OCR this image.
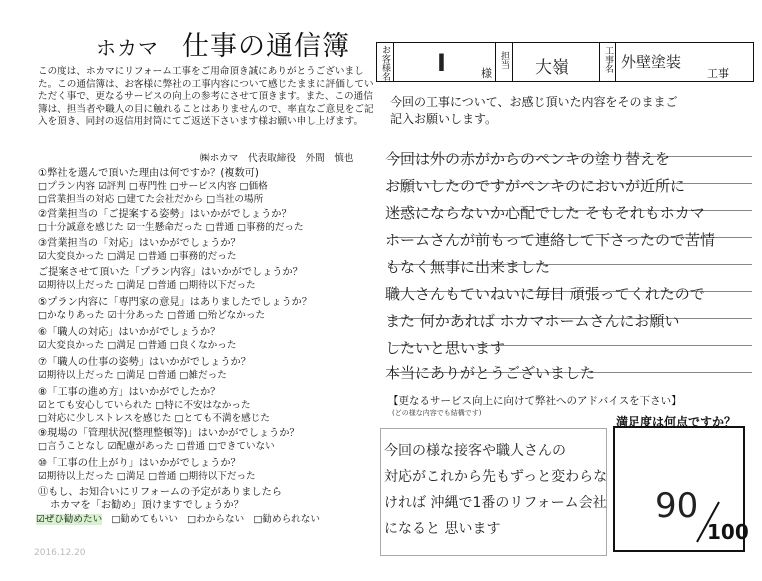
ホカマ 仕事の通信簿
この度は、ホカマにリフォーム工事をご用命頂き誠にありがとうございました。この通信簿は、お客様に弊社の工事内容について感じたままに評価していただく事で、更なるサービスの向上の参考にさせて頂きます。また、この通信簿は、担当者や職人の目に触れることはありませんので、率直なご意見をご記入を頂き、同封の返信用封筒にてご返送下さいます様お願い申し上げます。
㈱ホカマ　代表取締役　外間　慎也
①弊社を選んで頂いた理由は何ですか？(複数可)
□プラン内容 ☑評判 □専門性 □サービス内容 □価格
□営業担当の対応 □建てた会社だから □当社の場所
②営業担当の「ご提案する姿勢」はいかがでしょうか？
□十分誠意を感じた ☑一生懸命だった □普通 □事務的だった
③営業担当の「対応」はいかがでしょうか？
☑大変良かった □満足 □普通 □事務的だった
ご提案させて頂いた「プラン内容」はいかがでしょうか？
☑期待以上だった □満足 □普通 □期待以下だった
⑤プラン内容に「専門家の意見」はありましたでしょうか？
□かなりあった ☑十分あった □普通 □殆どなかった
⑥「職人の対応」はいかがでしょうか？
☑大変良かった □満足 □普通 □良くなかった
⑦「職人の仕事の姿勢」はいかがでしょうか？
☑期待以上だった □満足 □普通 □雑だった
⑧「工事の進め方」はいかがでしたか？
☑とても安心していられた □特に不安はなかった
□対応に少しストレスを感じた □とても不満を感じた
⑨現場の「管理状況(整理整頓等)」はいかがでしょうか？
□言うことなし ☑配慮があった □普通 □できていない
⑩「工事の仕上がり」はいかがでしょうか？
☑期待以上だった □満足 □普通 □期待以下だった
⑪もし、お知合いにリフォームの予定がありましたら
ホカマを「お勧め」頂けますでしょうか？
☑ぜひ勧めたい □勧めてもいい □わからない □勧められない
お客様名 I	様
担当 大嶺	工事名 外壁塗装
工事
今回の工事について、お感じ頂いた内容をそのままご
記入お願いします。
今回は外の赤がからのペンキの塗り替えを
お願いしたのですがペンキのにおいが近所に
迷惑にならないか心配でした そもそれもホカマ
ホームさんが前もって連絡して下さったので苦情
もなく無事に出来ました
職人さんもていねいに毎日 頑張ってくれたので
また 何かあれば ホカマホームさんにお願い
したいと思います
本当にありがとうございました
【更なるサービス向上に向けて弊社へのアドバイスを下さい】
(どの様な内容でも結構です)
今回の様な接客や職人さんの
対応がこれから先もずっと変わらな
ければ 沖縄で1番のリフォーム会社
になると 思います
満足度は何点ですか？
90
100
2016.12.20
